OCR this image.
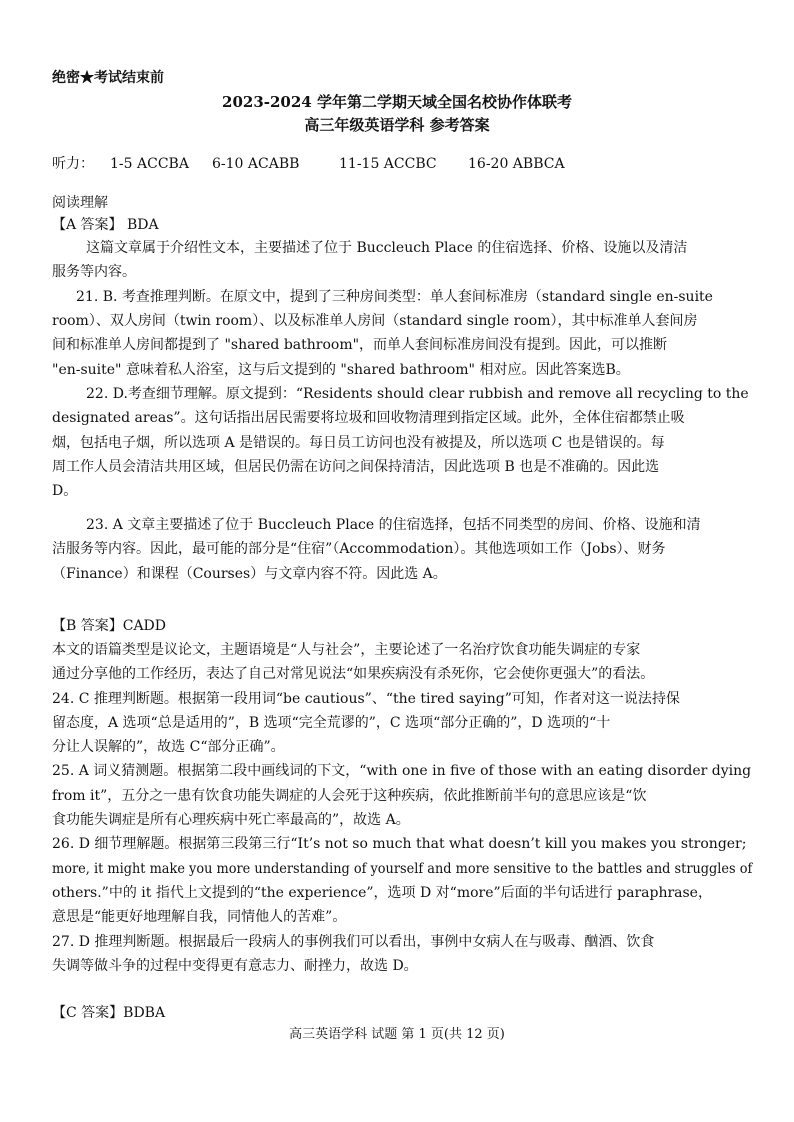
绝密★考试结束前
2023-2024 学年第二学期天域全国名校协作体联考
高三年级英语学科 参考答案
听力： 1-5 ACCBA 6-10 ACABB	11-15 ACCBC 16-20 ABBCA
阅读理解
【A 答案】 BDA
这篇文章属于介绍性文本，主要描述了位于 Buccleuch Place 的住宿选择、价格、设施以及清洁
服务等内容。
21. B. 考查推理判断。在原文中，提到了三种房间类型：单人套间标准房（standard single en-suite
room）、双人房间（twin room）、以及标准单人房间（standard single room），其中标准单人套间房
间和标准单人房间都提到了 "shared bathroom"，而单人套间标准房间没有提到。因此，可以推断
"en-suite" 意味着私人浴室，这与后文提到的 "shared bathroom" 相对应。因此答案选B。
22. D.考查细节理解。原文提到：“Residents should clear rubbish and remove all recycling to the
designated areas”。这句话指出居民需要将垃圾和回收物清理到指定区域。此外，全体住宿都禁止吸
烟，包括电子烟，所以选项 A 是错误的。每日员工访问也没有被提及，所以选项 C 也是错误的。每
周工作人员会清洁共用区域，但居民仍需在访问之间保持清洁，因此选项 B 也是不准确的。因此选
D。
23. A 文章主要描述了位于 Buccleuch Place 的住宿选择，包括不同类型的房间、价格、设施和清
洁服务等内容。因此，最可能的部分是“住宿”（Accommodation）。其他选项如工作（Jobs）、财务
（Finance）和课程（Courses）与文章内容不符。因此选 A。
【B 答案】CADD
本文的语篇类型是议论文，主题语境是“人与社会”，主要论述了一名治疗饮食功能失调症的专家
通过分享他的工作经历，表达了自己对常见说法“如果疾病没有杀死你，它会使你更强大”的看法。
24. C 推理判断题。根据第一段用词“be cautious”、“the tired saying”可知，作者对这一说法持保
留态度，A 选项“总是适用的”，B 选项“完全荒谬的”，C 选项“部分正确的”，D 选项的“十
分让人误解的”，故选 C“部分正确”。
25. A 词义猜测题。根据第二段中画线词的下文，“with one in five of those with an eating disorder dying
from it”，五分之一患有饮食功能失调症的人会死于这种疾病，依此推断前半句的意思应该是“饮
食功能失调症是所有心理疾病中死亡率最高的”，故选 A。
26. D 细节理解题。根据第三段第三行“It’s not so much that what doesn’t kill you makes you stronger;
more, it might make you more understanding of yourself and more sensitive to the battles and struggles of
others.”中的 it 指代上文提到的“the experience”，选项 D 对“more”后面的半句话进行 paraphrase，
意思是“能更好地理解自我，同情他人的苦难”。
27. D 推理判断题。根据最后一段病人的事例我们可以看出，事例中女病人在与吸毒、酗酒、饮食
失调等做斗争的过程中变得更有意志力、耐挫力，故选 D。
【C 答案】BDBA
高三英语学科 试题 第 1 页(共 12 页)
